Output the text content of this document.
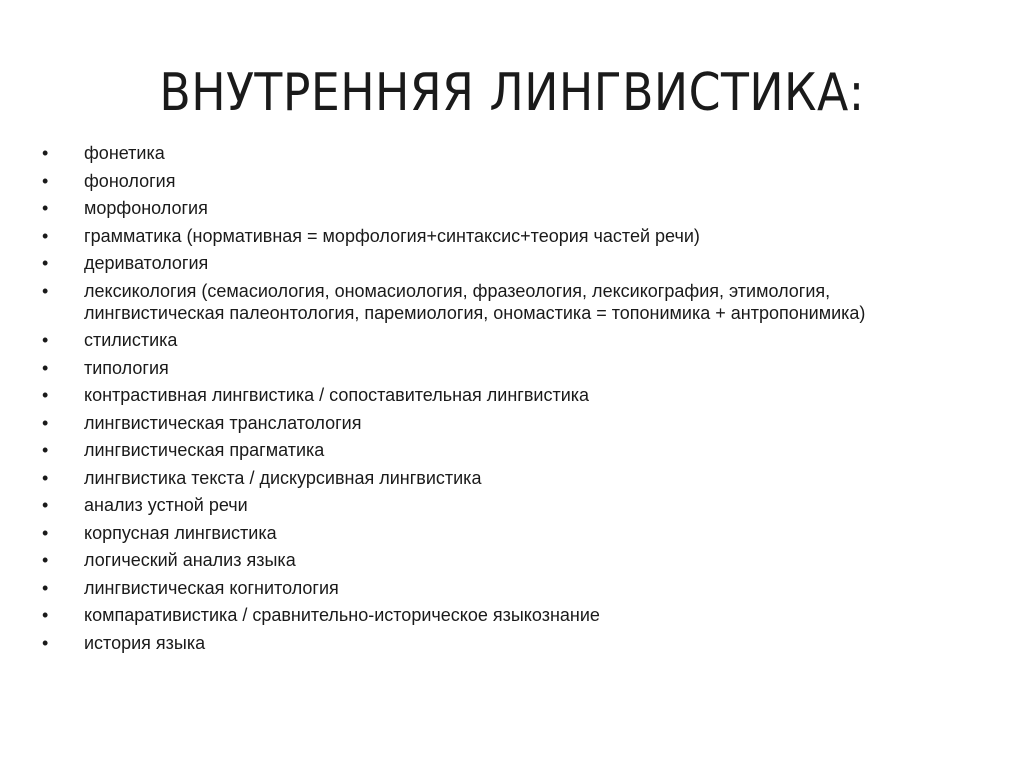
ВНУТРЕННЯЯ ЛИНГВИСТИКА:
• фонетика
• фонология
• морфонология
• грамматика (нормативная = морфология+синтаксис+теория частей речи)
• дериватология
• лексикология (семасиология, ономасиология, фразеология, лексикография, этимология,
лингвистическая палеонтология, паремиология, ономастика = топонимика + антропонимика)
• стилистика
• типология
• контрастивная лингвистика / сопоставительная лингвистика
• лингвистическая транслатология
• лингвистическая прагматика
• лингвистика текста / дискурсивная лингвистика
• анализ устной речи
• корпусная лингвистика
• логический анализ языка
• лингвистическая когнитология
• компаративистика / сравнительно-историческое языкознание
• история языка
